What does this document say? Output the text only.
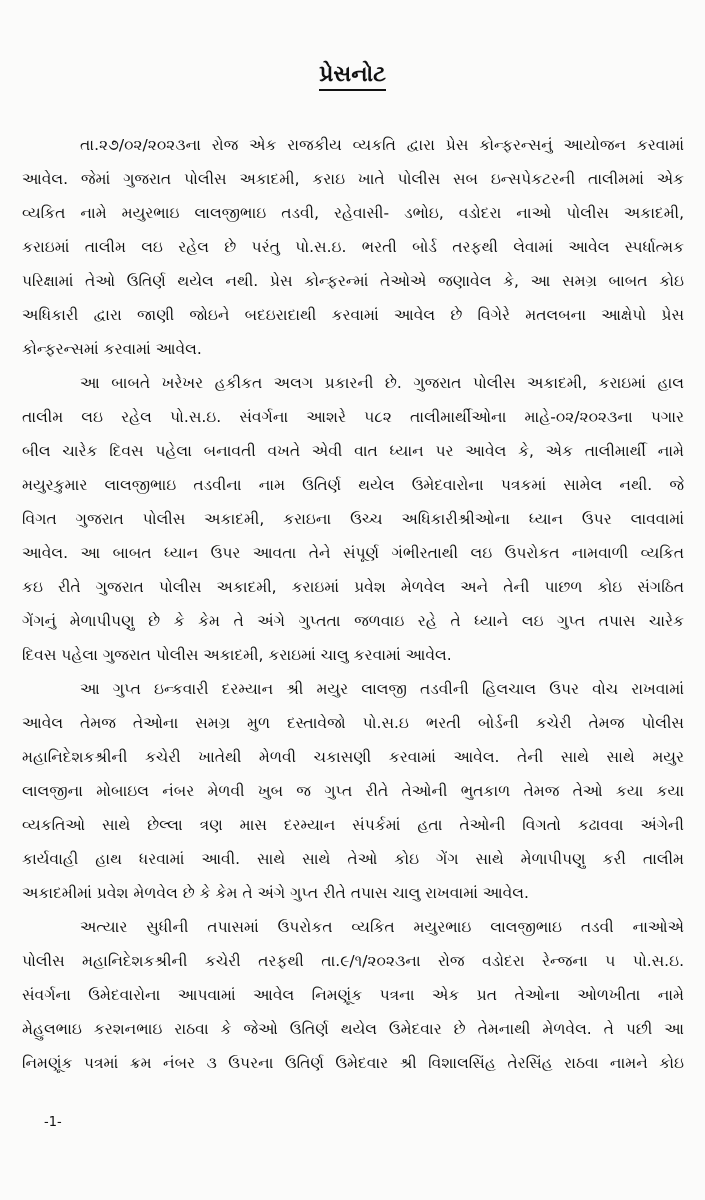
પ્રેસનોટ
તા.૨૭/૦૨/૨૦૨૩ના રોજ એક રાજકીય વ્યકતિ દ્વારા પ્રેસ કોન્ફરન્સનું આયોજન કરવામાં
આવેલ. જેમાં ગુજરાત પોલીસ અકાદમી, કરાઇ ખાતે પોલીસ સબ ઇન્સપેકટરની તાલીમમાં એક
વ્યકિત નામે મયુરભાઇ લાલજીભાઇ તડવી, રહેવાસી- ડભોઇ, વડોદરા નાઓ પોલીસ અકાદમી,
કરાઇમાં તાલીમ લઇ રહેલ છે પરંતુ પો.સ.ઇ. ભરતી બોર્ડ તરફથી લેવામાં આવેલ સ્પર્ધાત્મક
પરિક્ષામાં તેઓ ઉતિર્ણ થયેલ નથી. પ્રેસ કોન્ફરન્માં તેઓએ જણાવેલ કે, આ સમગ્ર બાબત કોઇ
અધિકારી દ્વારા જાણી જોઇને બદઇરાદાથી કરવામાં આવેલ છે વિગેરે મતલબના આક્ષેપો પ્રેસ
કોન્ફરન્સમાં કરવામાં આવેલ.
આ બાબતે ખરેખર હકીકત અલગ પ્રકારની છે. ગુજરાત પોલીસ અકાદમી, કરાઇમાં હાલ
તાલીમ લઇ રહેલ પો.સ.ઇ. સંવર્ગના આશરે ૫૮૨ તાલીમાર્થીઓના માહે-૦૨/૨૦૨૩ના પગાર
બીલ ચારેક દિવસ પહેલા બનાવતી વખતે એવી વાત ધ્યાન પર આવેલ કે, એક તાલીમાર્થી નામે
મયુરકુમાર લાલજીભાઇ તડવીના નામ ઉતિર્ણ થયેલ ઉમેદવારોના પત્રકમાં સામેલ નથી. જે
વિગત ગુજરાત પોલીસ અકાદમી, કરાઇના ઉચ્ચ અધિકારીશ્રીઓના ધ્યાન ઉપર લાવવામાં
આવેલ. આ બાબત ધ્યાન ઉપર આવતા તેને સંપૂર્ણ ગંભીરતાથી લઇ ઉપરોકત નામવાળી વ્યકિત
કઇ રીતે ગુજરાત પોલીસ અકાદમી, કરાઇમાં પ્રવેશ મેળવેલ અને તેની પાછળ કોઇ સંગઠિત
ગેંગનું મેળાપીપણુ છે કે કેમ તે અંગે ગુપ્તતા જળવાઇ રહે તે ધ્યાને લઇ ગુપ્ત તપાસ ચારેક
દિવસ પહેલા ગુજરાત પોલીસ અકાદમી, કરાઇમાં ચાલુ કરવામાં આવેલ.
આ ગુપ્ત ઇન્કવારી દરમ્યાન શ્રી મયુર લાલજી તડવીની હિલચાલ ઉપર વોચ રાખવામાં
આવેલ તેમજ તેઓના સમગ્ર મુળ દસ્તાવેજો પો.સ.ઇ ભરતી બોર્ડની કચેરી તેમજ પોલીસ
મહાનિદેશકશ્રીની કચેરી ખાતેથી મેળવી ચકાસણી કરવામાં આવેલ. તેની સાથે સાથે મયુર
લાલજીના મોબાઇલ નંબર મેળવી ખુબ જ ગુપ્ત રીતે તેઓની ભુતકાળ તેમજ તેઓ કયા કયા
વ્યકતિઓ સાથે છેલ્લા ત્રણ માસ દરમ્યાન સંપર્કમાં હતા તેઓની વિગતો કઢાવવા અંગેની
કાર્યવાહી હાથ ધરવામાં આવી. સાથે સાથે તેઓ કોઇ ગેંગ સાથે મેળાપીપણુ કરી તાલીમ
અકાદમીમાં પ્રવેશ મેળવેલ છે કે કેમ તે અંગે ગુપ્ત રીતે તપાસ ચાલુ રાખવામાં આવેલ.
અત્યાર સુધીની તપાસમાં ઉપરોકત વ્યકિત મયુરભાઇ લાલજીભાઇ તડવી નાઓએ
પોલીસ મહાનિદેશકશ્રીની કચેરી તરફથી તા.૯/૧/૨૦૨૩ના રોજ વડોદરા રેન્જના ૫ પો.સ.ઇ.
સંવર્ગના ઉમેદવારોના આપવામાં આવેલ નિમણૂંક પત્રના એક પ્રત તેઓના ઓળખીતા નામે
મેહુલભાઇ કરશનભાઇ રાઠવા કે જેઓ ઉતિર્ણ થયેલ ઉમેદવાર છે તેમનાથી મેળવેલ. તે પછી આ
નિમણૂંક પત્રમાં ક્રમ નંબર ૩ ઉપરના ઉતિર્ણ ઉમેદવાર શ્રી વિશાલસિંહ તેરસિંહ રાઠવા નામને કોઇ
-1-
